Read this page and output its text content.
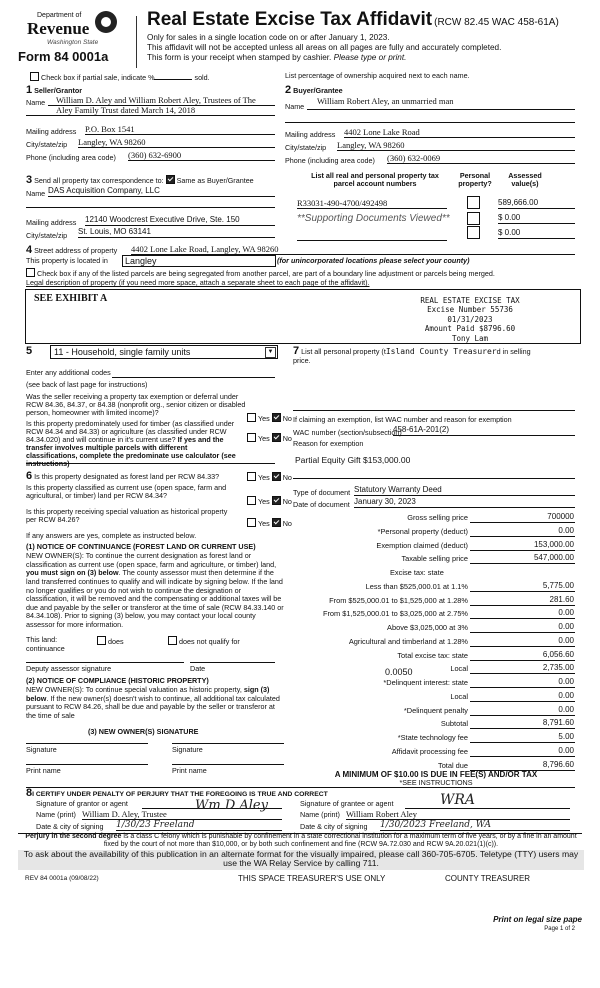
Department of
Revenue
Washington State
Form 84 0001a
Real Estate Excise Tax Affidavit (RCW 82.45 WAC 458-61A)
Only for sales in a single location code on or after January 1, 2023.
This affidavit will not be accepted unless all areas on all pages are fully and accurately completed.
This form is your receipt when stamped by cashier. Please type or print.
Check box if partial sale, indicate %	sold.	List percentage of ownership acquired next to each name.
1 Seller/Grantor
Name	William D. Aley and William Robert Aley, Trustees of The
Aley Family Trust dated March 14, 2018
Mailing address P.O. Box 1541
City/state/zip Langley, WA 98260
Phone (including area code) (360) 632-6900
2 Buyer/Grantee
Name
William Robert Aley, an unmarried man
Mailing address 4402 Lone Lake Road
City/state/zip Langley, WA 98260
Phone (including area code) (360) 632-0069
3 Send all property tax correspondence to: Same as Buyer/Grantee
Name DAS Acquisition Company, LLC
Mailing address 12140 Woodcrest Executive Drive, Ste. 150
City/state/zip St. Louis, MO 63141
List all real and personal property tax parcel account numbers
Personal property?
Assessed value(s)
R33031-490-4700/492498	589,666.00
**Supporting Documents Viewed**	$ 0.00
$ 0.00
4 Street address of property 4402 Lone Lake Road, Langley, WA 98260
This property is located in	Langley	(for unincorporated locations please select your county)
Check box if any of the listed parcels are being segregated from another parcel, are part of a boundary line adjustment or parcels being merged.
Legal description of property (if you need more space, attach a separate sheet to each page of the affidavit).
SEE EXHIBIT A	REAL ESTATE EXCISE TAX
Excise Number 55736
01/31/2023
Amount Paid $8796.60
Tony Lam
5	11 - Household, single family units	▼
Enter any additional codes
(see back of last page for instructions)
Was the seller receiving a property tax exemption or deferral under RCW 84.36, 84.37, or 84.38 (nonprofit org., senior citizen or disabled person, homeowner with limited income)?
Yes No
Is this property predominately used for timber (as classified under RCW 84.34 and 84.33) or agriculture (as classified under RCW 84.34.020) and will continue in it's current use? If yes and the transfer involves multiple parcels with different classifications, complete the predominate use calculator (see instructions)
Yes No
7 List all personal property (tIsland County Treasurerd in selling
price.
If claiming an exemption, list WAC number and reason for exemption
WAC number (section/subsection)
458-61A-201(2)
Reason for exemption
Partial Equity Gift $153,000.00
Type of document Statutory Warranty Deed
Date of document January 30, 2023
6 Is this property designated as forest land per RCW 84.33?	Yes No
Is this property classified as current use (open space, farm and agricultural, or timber) land per RCW 84.34?
Yes No
Is this property receiving special valuation as historical property per RCW 84.26?	Yes No
If any answers are yes, complete as instructed below.
(1) NOTICE OF CONTINUANCE (FOREST LAND OR CURRENT USE)
NEW OWNER(S): To continue the current designation as forest land or classification as current use (open space, farm and agriculture, or timber) land, you must sign on (3) below. The county assessor must then determine if the land transferred continues to qualify and will indicate by signing below. If the land no longer qualifies or you do not wish to continue the designation or classification, it will be removed and the compensating or additional taxes will be due and payable by the seller or transferor at the time of sale (RCW 84.33.140 or 84.34.108). Prior to signing (3) below, you may contact your local county assessor for more information.
This land:	does	does not qualify for
continuance
Deputy assessor signature	Date
(2) NOTICE OF COMPLIANCE (HISTORIC PROPERTY)
NEW OWNER(S): To continue special valuation as historic property, sign (3) below. If the new owner(s) doesn't wish to continue, all additional tax calculated pursuant to RCW 84.26, shall be due and payable by the seller or transferor at the time of sale
(3) NEW OWNER(S) SIGNATURE
Signature	Signature
Print name	Print name
Gross selling price	700000
*Personal property (deduct)	0.00
Exemption claimed (deduct)	153,000.00
Taxable selling price	547,000.00
Excise tax: state
Less than $525,000.01 at 1.1%	5,775.00
From $525,000.01 to $1,525,000 at 1.28%	281.60
From $1,525,000.01 to $3,025,000 at 2.75%	0.00
Above $3,025,000 at 3%	0.00
Agricultural and timberland at 1.28%	0.00
Total excise tax: state	6,056.60
Local	2,735.00
*Delinquent interest: state	0.00
Local	0.00
*Delinquent penalty	0.00
Subtotal	8,791.60
*State technology fee	5.00
Affidavit processing fee	0.00
Total due	8,796.60
0.0050
A MINIMUM OF $10.00 IS DUE IN FEE(S) AND/OR TAX
*SEE INSTRUCTIONS
8I CERTIFY UNDER PENALTY OF PERJURY THAT THE FOREGOING IS TRUE AND CORRECT
Signature of grantor or agent	Wm D Aley
Name (print) William D. Aley, Trustee
Date & city of signing 1/30/23 Freeland
Signature of grantee or agent	WRA
Name (print) William Robert Aley
Date & city of signing 1/30/2023 Freeland, WA
Perjury in the second degree is a class C felony which is punishable by confinement in a state correctional institution for a maximum term of five years, or by a fine in an amount fixed by the court of not more than $10,000, or by both such confinement and fine (RCW 9A.72.030 and RCW 9A.20.021(1)(c)).
To ask about the availability of this publication in an alternate format for the visually impaired, please call 360-705-6705. Teletype (TTY) users may use the WA Relay Service by calling 711.
REV 84 0001a (09/08/22)	THIS SPACE TREASURER'S USE ONLY	COUNTY TREASURER
Print on legal size pape
Page 1 of 2
